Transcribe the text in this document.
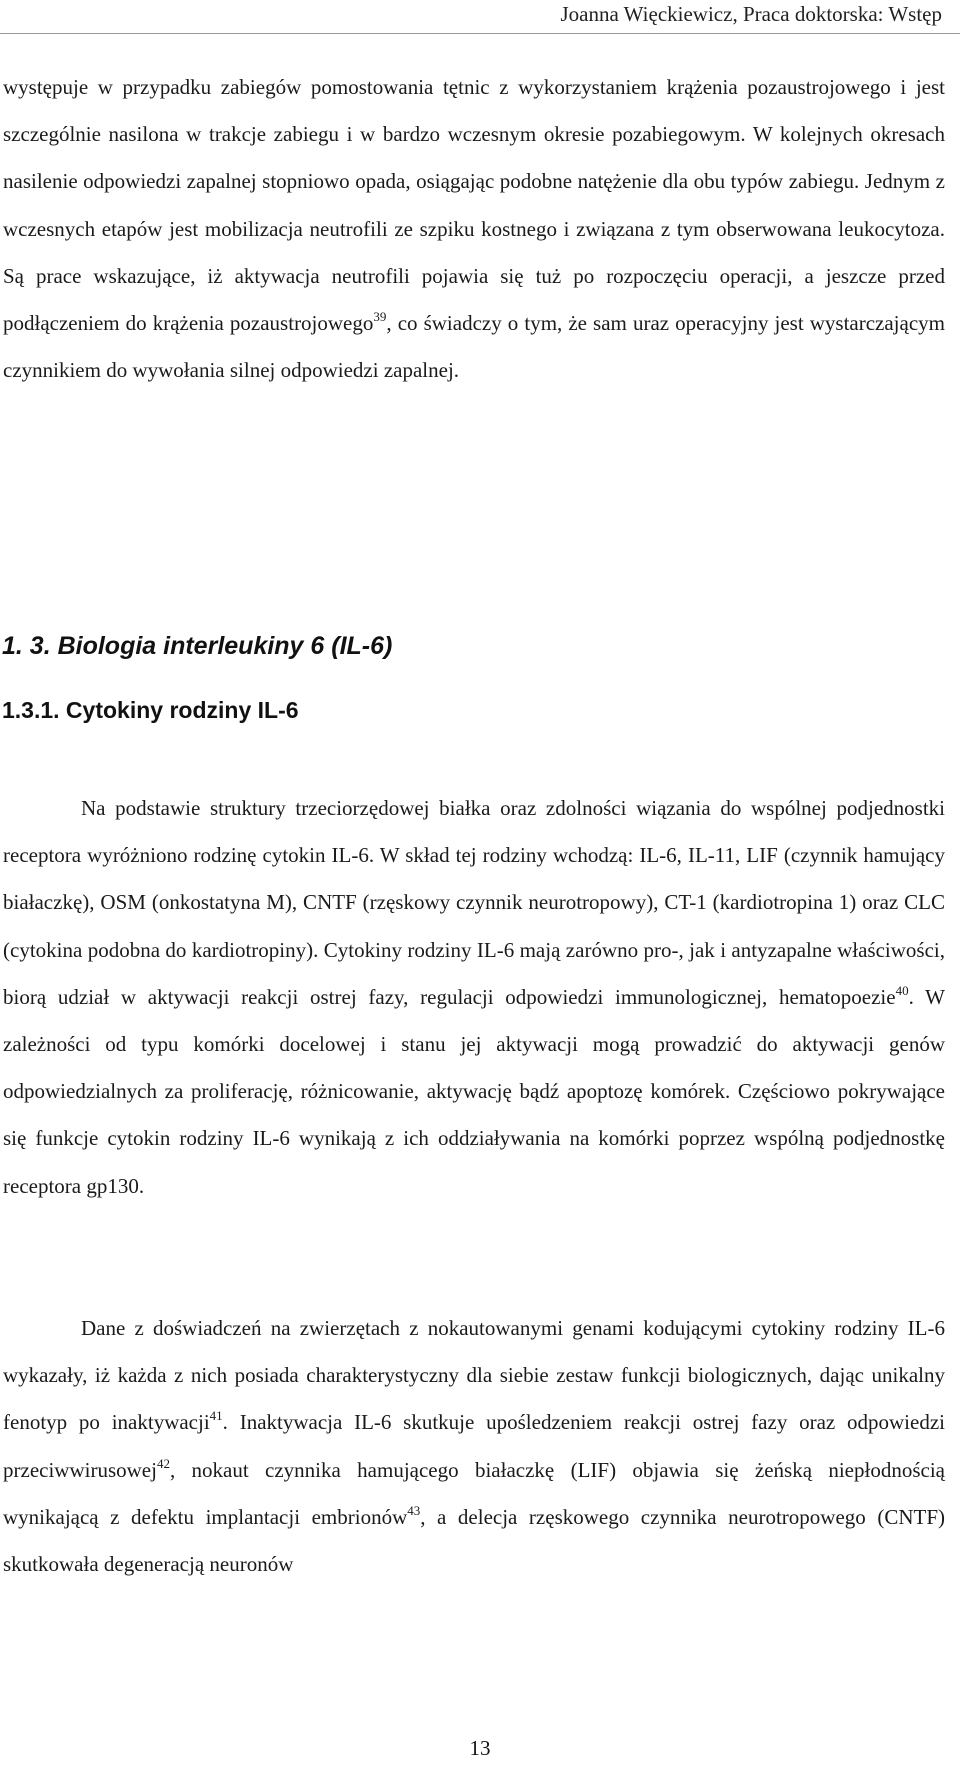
Joanna Więckiewicz, Praca doktorska: Wstęp

występuje w przypadku zabiegów pomostowania tętnic z wykorzystaniem krążenia pozaustrojowego i jest szczególnie nasilona w trakcje zabiegu i w bardzo wczesnym okresie pozabiegowym. W kolejnych okresach nasilenie odpowiedzi zapalnej stopniowo opada, osiągając podobne natężenie dla obu typów zabiegu. Jednym z wczesnych etapów jest mobilizacja neutrofili ze szpiku kostnego i związana z tym obserwowana leukocytoza. Są prace wskazujące, iż aktywacja neutrofili pojawia się tuż po rozpoczęciu operacji, a jeszcze przed podłączeniem do krążenia pozaustrojowego$^{39}$, co świadczy o tym, że sam uraz operacyjny jest wystarczającym czynnikiem do wywołania silnej odpowiedzi zapalnej.

1. 3. Biologia interleukiny 6 (IL-6)
1.3.1. Cytokiny rodziny IL-6

Na podstawie struktury trzeciorzędowej białka oraz zdolności wiązania do wspólnej podjednostki receptora wyróżniono rodzinę cytokin IL-6. W skład tej rodziny wchodzą: IL-6, IL-11, LIF (czynnik hamujący białaczkę), OSM (onkostatyna M), CNTF (rzęskowy czynnik neurotropowy), CT-1 (kardiotropina 1) oraz CLC (cytokina podobna do kardiotropiny). Cytokiny rodziny IL-6 mają zarówno pro-, jak i antyzapalne właściwości, biorą udział w aktywacji reakcji ostrej fazy, regulacji odpowiedzi immunologicznej, hematopoezie$^{40}$. W zależności od typu komórki docelowej i stanu jej aktywacji mogą prowadzić do aktywacji genów odpowiedzialnych za proliferację, różnicowanie, aktywację bądź apoptozę komórek. Częściowo pokrywające się funkcje cytokin rodziny IL-6 wynikają z ich oddziaływania na komórki poprzez wspólną podjednostkę receptora gp130.

Dane z doświadczeń na zwierzętach z nokautowanymi genami kodującymi cytokiny rodziny IL-6 wykazały, iż każda z nich posiada charakterystyczny dla siebie zestaw funkcji biologicznych, dając unikalny fenotyp po inaktywacji$^{41}$. Inaktywacja IL-6 skutkuje upośledzeniem reakcji ostrej fazy oraz odpowiedzi przeciwwirusowej$^{42}$, nokaut czynnika hamującego białaczkę (LIF) objawia się żeńską niepłodnością wynikającą z defektu implantacji embrionów$^{43}$, a delecja rzęskowego czynnika neurotropowego (CNTF) skutkowała degeneracją neuronów

13
